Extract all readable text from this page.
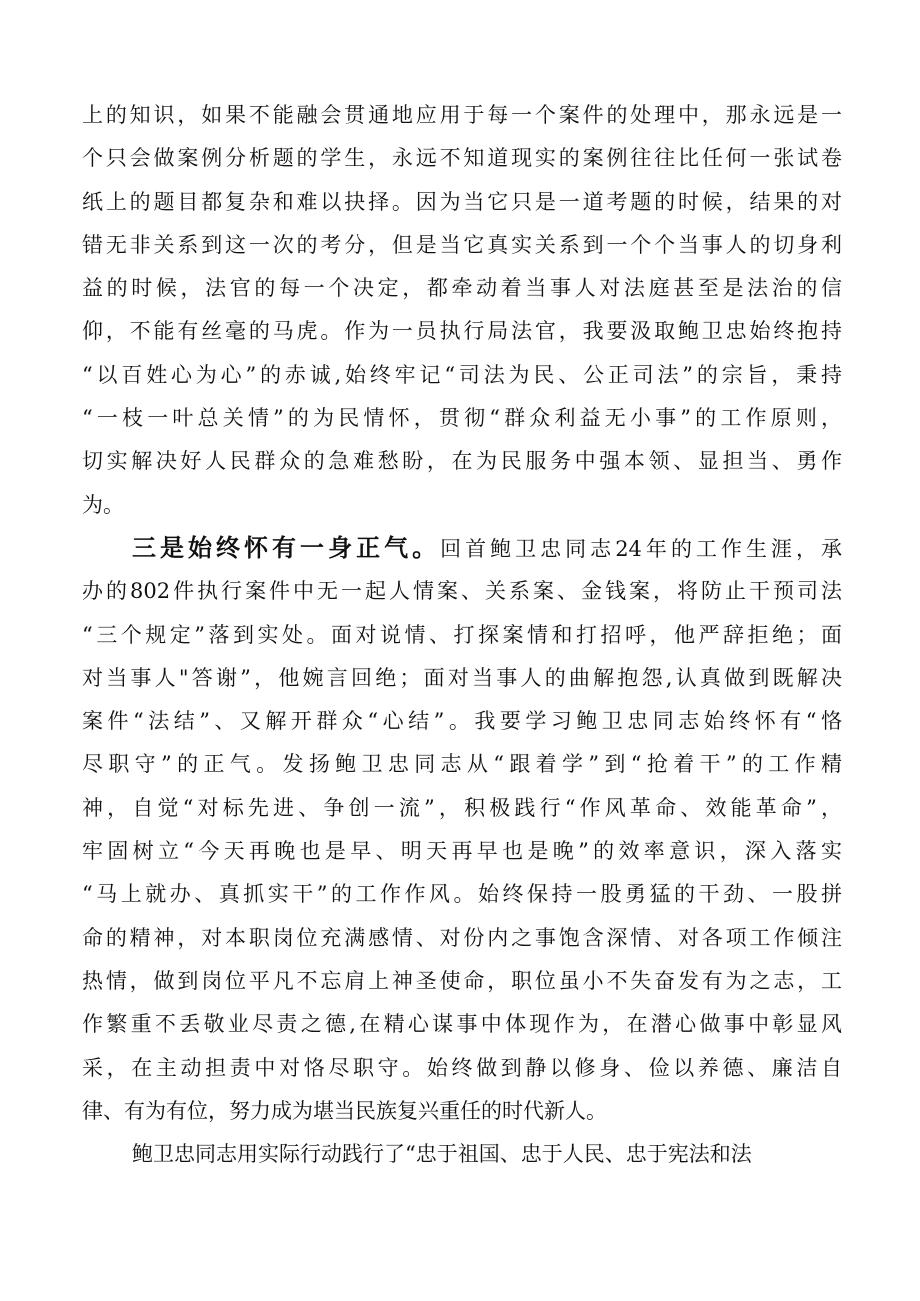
上的知识，如果不能融会贯通地应用于每一个案件的处理中，那永远是一
个只会做案例分析题的学生，永远不知道现实的案例往往比任何一张试卷
纸上的题目都复杂和难以抉择。因为当它只是一道考题的时候，结果的对
错无非关系到这一次的考分，但是当它真实关系到一个个当事人的切身利
益的时候，法官的每一个决定，都牵动着当事人对法庭甚至是法治的信
仰，不能有丝毫的马虎。作为一员执行局法官，我要汲取鲍卫忠始终抱持
“以百姓心为心”的赤诚,始终牢记“司法为民、公正司法”的宗旨，秉持
“一枝一叶总关情”的为民情怀，贯彻“群众利益无小事”的工作原则，
切实解决好人民群众的急难愁盼，在为民服务中强本领、显担当、勇作
为。
三是始终怀有一身正气。回首鲍卫忠同志24年的工作生涯，承
办的802件执行案件中无一起人情案、关系案、金钱案，将防止干预司法
“三个规定”落到实处。面对说情、打探案情和打招呼，他严辞拒绝；面
对当事人"答谢”，他婉言回绝；面对当事人的曲解抱怨,认真做到既解决
案件“法结”、又解开群众“心结”。我要学习鲍卫忠同志始终怀有“恪
尽职守”的正气。发扬鲍卫忠同志从“跟着学”到“抢着干”的工作精
神，自觉“对标先进、争创一流”，积极践行“作风革命、效能革命”，
牢固树立“今天再晚也是早、明天再早也是晚”的效率意识，深入落实
“马上就办、真抓实干”的工作作风。始终保持一股勇猛的干劲、一股拼
命的精神，对本职岗位充满感情、对份内之事饱含深情、对各项工作倾注
热情，做到岗位平凡不忘肩上神圣使命，职位虽小不失奋发有为之志，工
作繁重不丢敬业尽责之德,在精心谋事中体现作为，在潜心做事中彰显风
采，在主动担责中对恪尽职守。始终做到静以修身、俭以养德、廉洁自
律、有为有位，努力成为堪当民族复兴重任的时代新人。
鲍卫忠同志用实际行动践行了“忠于祖国、忠于人民、忠于宪法和法
